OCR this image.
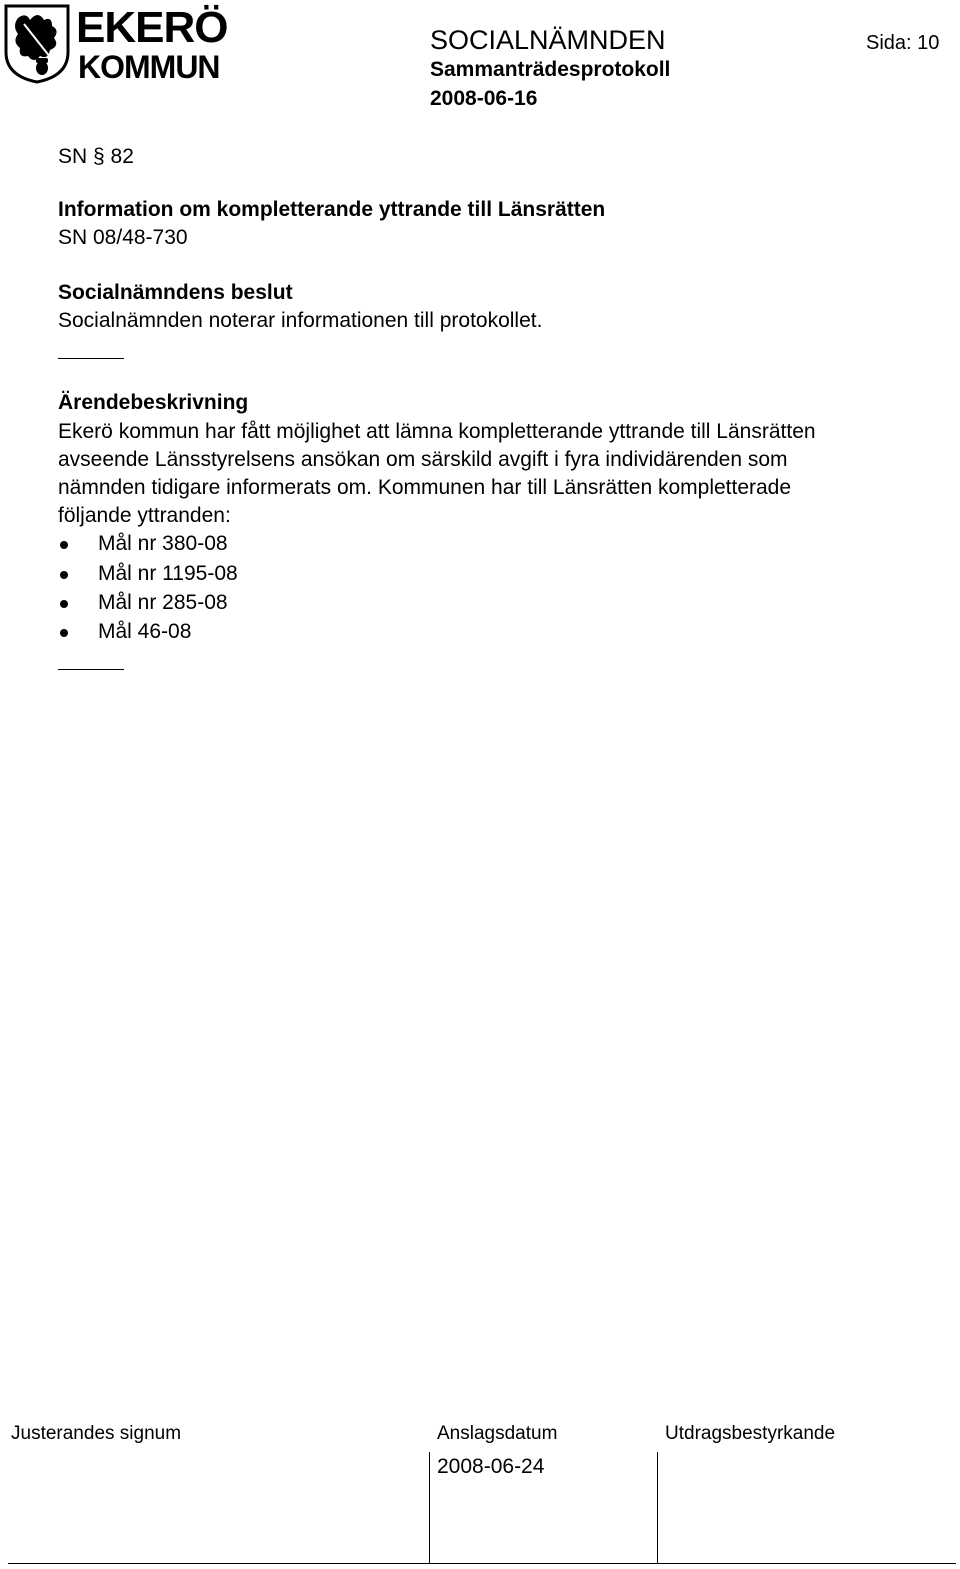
EKERÖ
KOMMUN
SOCIALNÄMNDEN
Sammanträdesprotokoll
2008-06-16
Sida: 10
SN § 82
Information om kompletterande yttrande till Länsrätten
SN 08/48-730
Socialnämndens beslut
Socialnämnden noterar informationen till protokollet.
Ärendebeskrivning
Ekerö kommun har fått möjlighet att lämna kompletterande yttrande till Länsrätten
avseende Länsstyrelsens ansökan om särskild avgift i fyra individärenden som
nämnden tidigare informerats om. Kommunen har till Länsrätten kompletterade
följande yttranden:
Mål nr 380-08
Mål nr 1195-08
Mål nr 285-08
Mål 46-08
Justerandes signum	Anslagsdatum	Utdragsbestyrkande
2008-06-24
